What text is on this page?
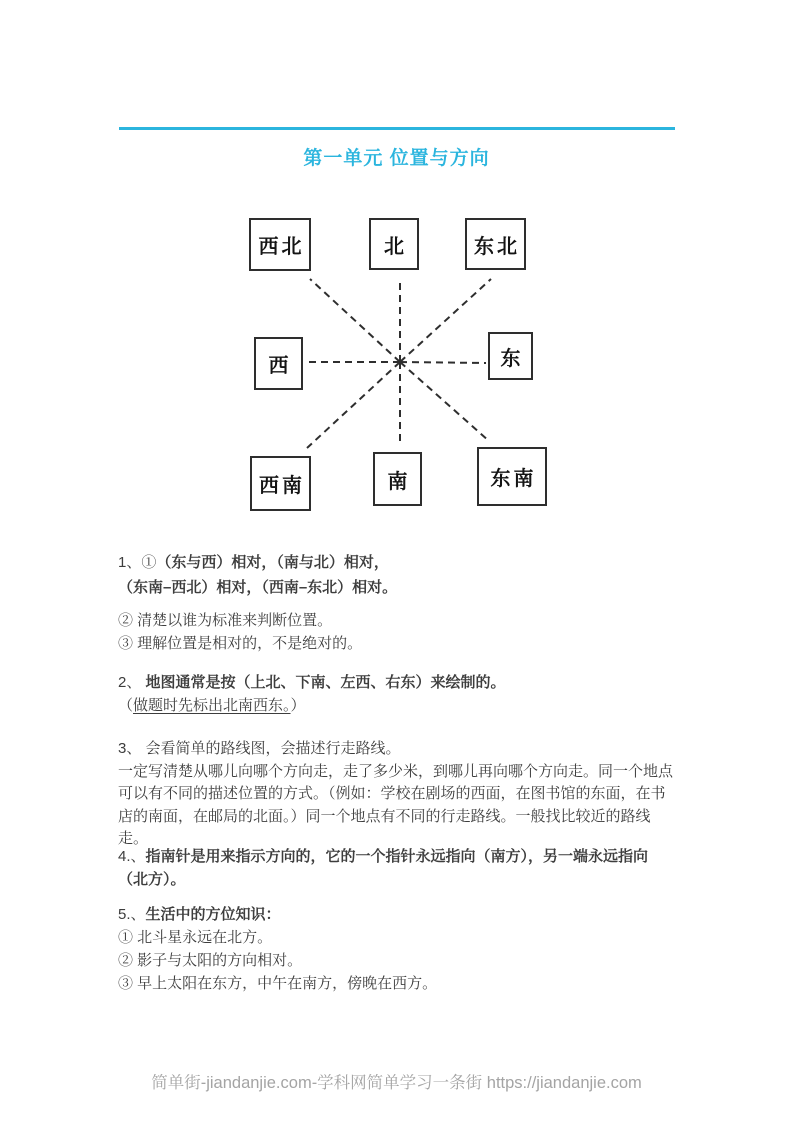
第一单元 位置与方向
西北	北	东北
西	东
西南	南	东南
1、①（东与西）相对，（南与北）相对，
（东南–西北）相对，（西南–东北）相对。
② 清楚以谁为标准来判断位置。
③ 理解位置是相对的，不是绝对的。
2、 地图通常是按（上北、下南、左西、右东）来绘制的。
（做题时先标出北南西东。）
3、 会看简单的路线图，会描述行走路线。
一定写清楚从哪儿向哪个方向走，走了多少米，到哪儿再向哪个方向走。同一个地点可以有不同的描述位置的方式。（例如：学校在剧场的西面，在图书馆的东面，在书店的南面，在邮局的北面。）同一个地点有不同的行走路线。一般找比较近的路线走。
4.、指南针是用来指示方向的，它的一个指针永远指向（南方），另一端永远指向（北方）。
5.、生活中的方位知识：
① 北斗星永远在北方。
② 影子与太阳的方向相对。
③ 早上太阳在东方，中午在南方，傍晚在西方。
简单街-jiandanjie.com-学科网简单学习一条街 https://jiandanjie.com
